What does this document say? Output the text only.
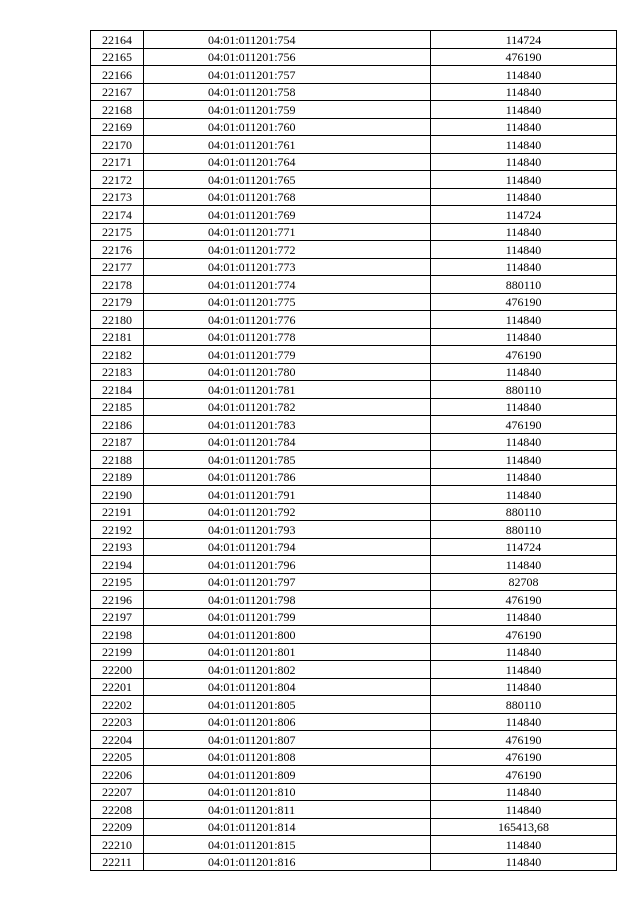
22164	04:01:011201:754	114724
22165	04:01:011201:756	476190
22166	04:01:011201:757	114840
22167	04:01:011201:758	114840
22168	04:01:011201:759	114840
22169	04:01:011201:760	114840
22170	04:01:011201:761	114840
22171	04:01:011201:764	114840
22172	04:01:011201:765	114840
22173	04:01:011201:768	114840
22174	04:01:011201:769	114724
22175	04:01:011201:771	114840
22176	04:01:011201:772	114840
22177	04:01:011201:773	114840
22178	04:01:011201:774	880110
22179	04:01:011201:775	476190
22180	04:01:011201:776	114840
22181	04:01:011201:778	114840
22182	04:01:011201:779	476190
22183	04:01:011201:780	114840
22184	04:01:011201:781	880110
22185	04:01:011201:782	114840
22186	04:01:011201:783	476190
22187	04:01:011201:784	114840
22188	04:01:011201:785	114840
22189	04:01:011201:786	114840
22190	04:01:011201:791	114840
22191	04:01:011201:792	880110
22192	04:01:011201:793	880110
22193	04:01:011201:794	114724
22194	04:01:011201:796	114840
22195	04:01:011201:797	82708
22196	04:01:011201:798	476190
22197	04:01:011201:799	114840
22198	04:01:011201:800	476190
22199	04:01:011201:801	114840
22200	04:01:011201:802	114840
22201	04:01:011201:804	114840
22202	04:01:011201:805	880110
22203	04:01:011201:806	114840
22204	04:01:011201:807	476190
22205	04:01:011201:808	476190
22206	04:01:011201:809	476190
22207	04:01:011201:810	114840
22208	04:01:011201:811	114840
22209	04:01:011201:814	165413,68
22210	04:01:011201:815	114840
22211	04:01:011201:816	114840
